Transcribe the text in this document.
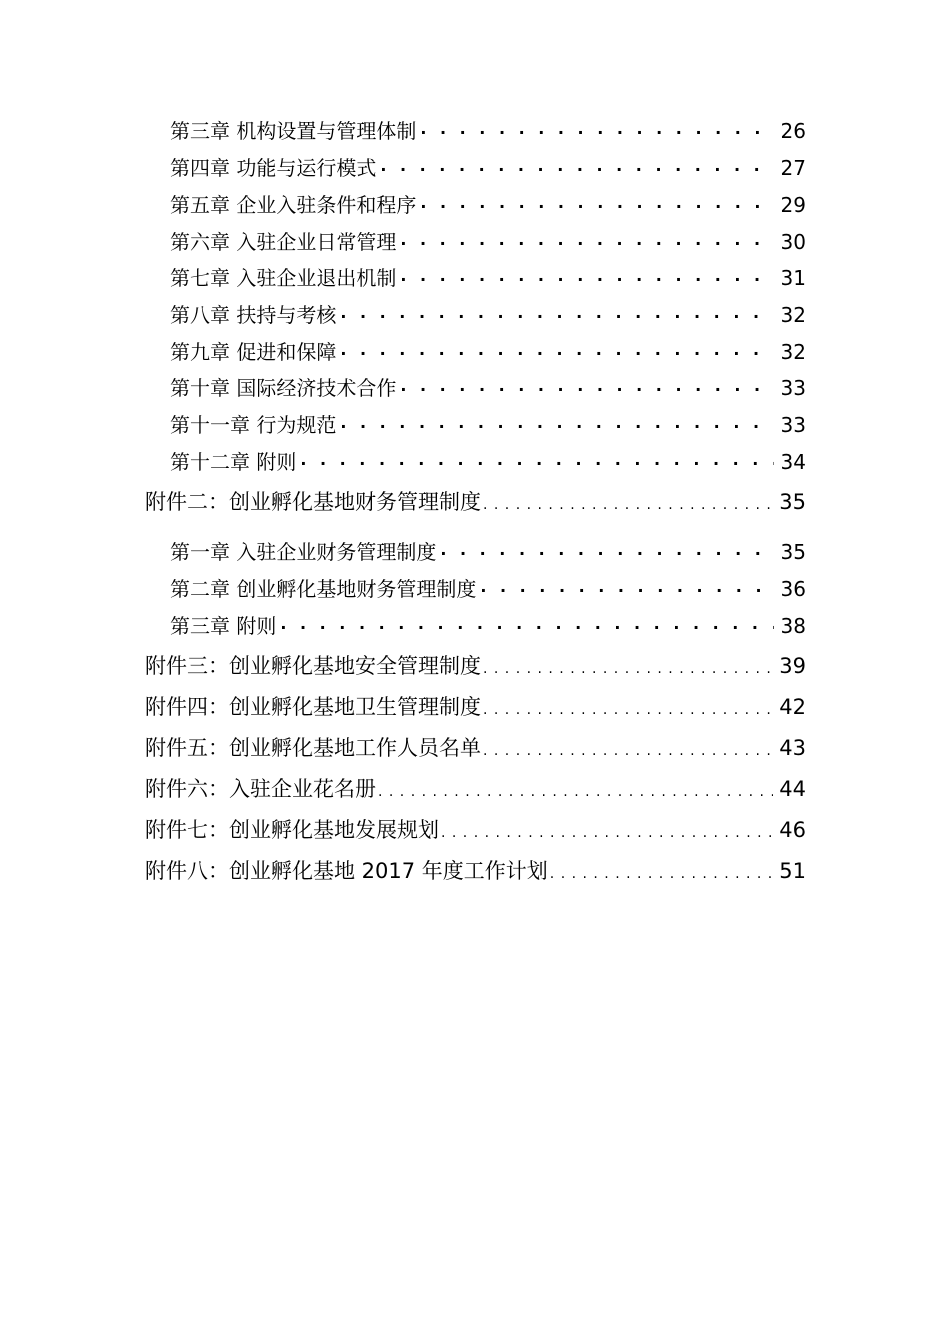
第三章 机构设置与管理体制 · · ·	26
第四章 功能与运行模式 · · ·	27
第五章 企业入驻条件和程序 · · ·	29
第六章 入驻企业日常管理 · · ·	30
第七章 入驻企业退出机制 · · ·	31
第八章 扶持与考核 · · ·	32
第九章 促进和保障 · · ·	32
第十章 国际经济技术合作 · · ·	33
第十一章 行为规范 · · ·	33
第十二章 附则 · · ·	34
附件二：创业孵化基地财务管理制度 . . .	35
第一章 入驻企业财务管理制度 · · ·	35
第二章 创业孵化基地财务管理制度 · · ·	36
第三章 附则 · · ·	38
附件三：创业孵化基地安全管理制度 . . .	39
附件四：创业孵化基地卫生管理制度 . . .	42
附件五：创业孵化基地工作人员名单 . . .	43
附件六：入驻企业花名册 . . .	44
附件七：创业孵化基地发展规划 . . .	46
附件八：创业孵化基地 2017 年度工作计划 . . .	51
